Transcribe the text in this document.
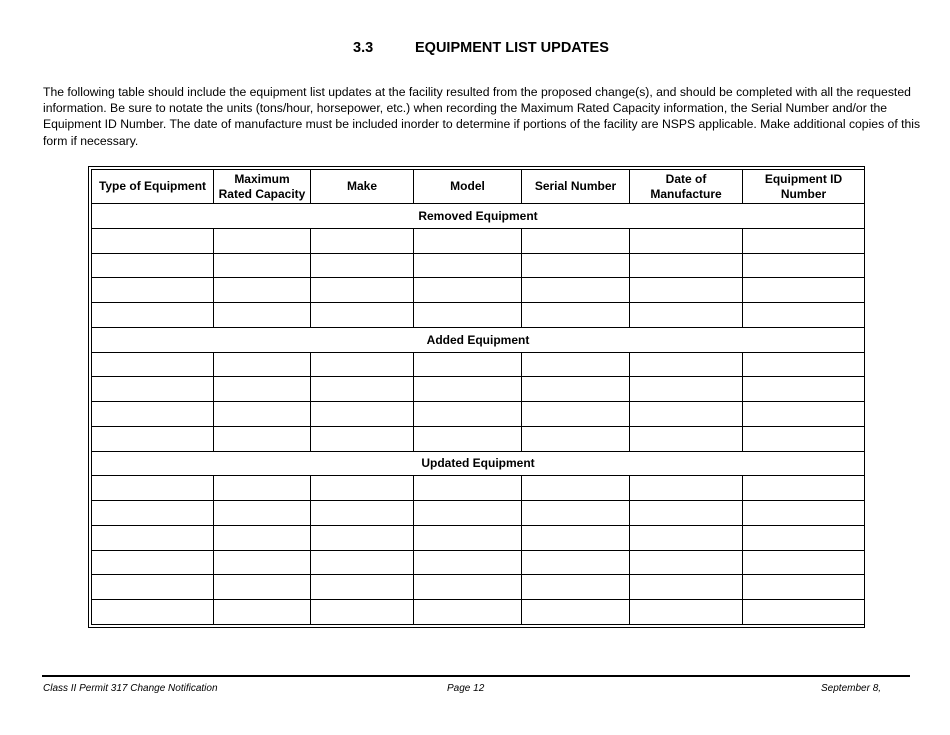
3.3	EQUIPMENT LIST UPDATES

The following table should include the equipment list updates at the facility resulted from the proposed change(s), and should be completed with all the requested information. Be sure to notate the units (tons/hour, horsepower, etc.) when recording the Maximum Rated Capacity information, the Serial Number and/or the Equipment ID Number. The date of manufacture must be included inorder to determine if portions of the facility are NSPS applicable. Make additional copies of this form if necessary.

Type of Equipment	Maximum Rated Capacity	Make	Model	Serial Number	Date of Manufacture	Equipment ID Number
Removed Equipment						

Added Equipment						

Updated Equipment						

Class II Permit 317 Change Notification	Page 12	September 8,
